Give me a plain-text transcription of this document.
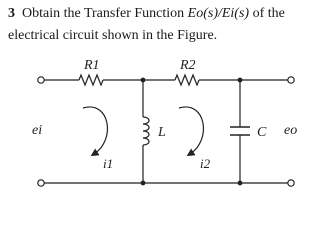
3 Obtain the Transfer Function Eo(s)/Ei(s) of the electrical circuit shown in the Figure.
R1	R2
L	C
ei	eo
i1	i2
